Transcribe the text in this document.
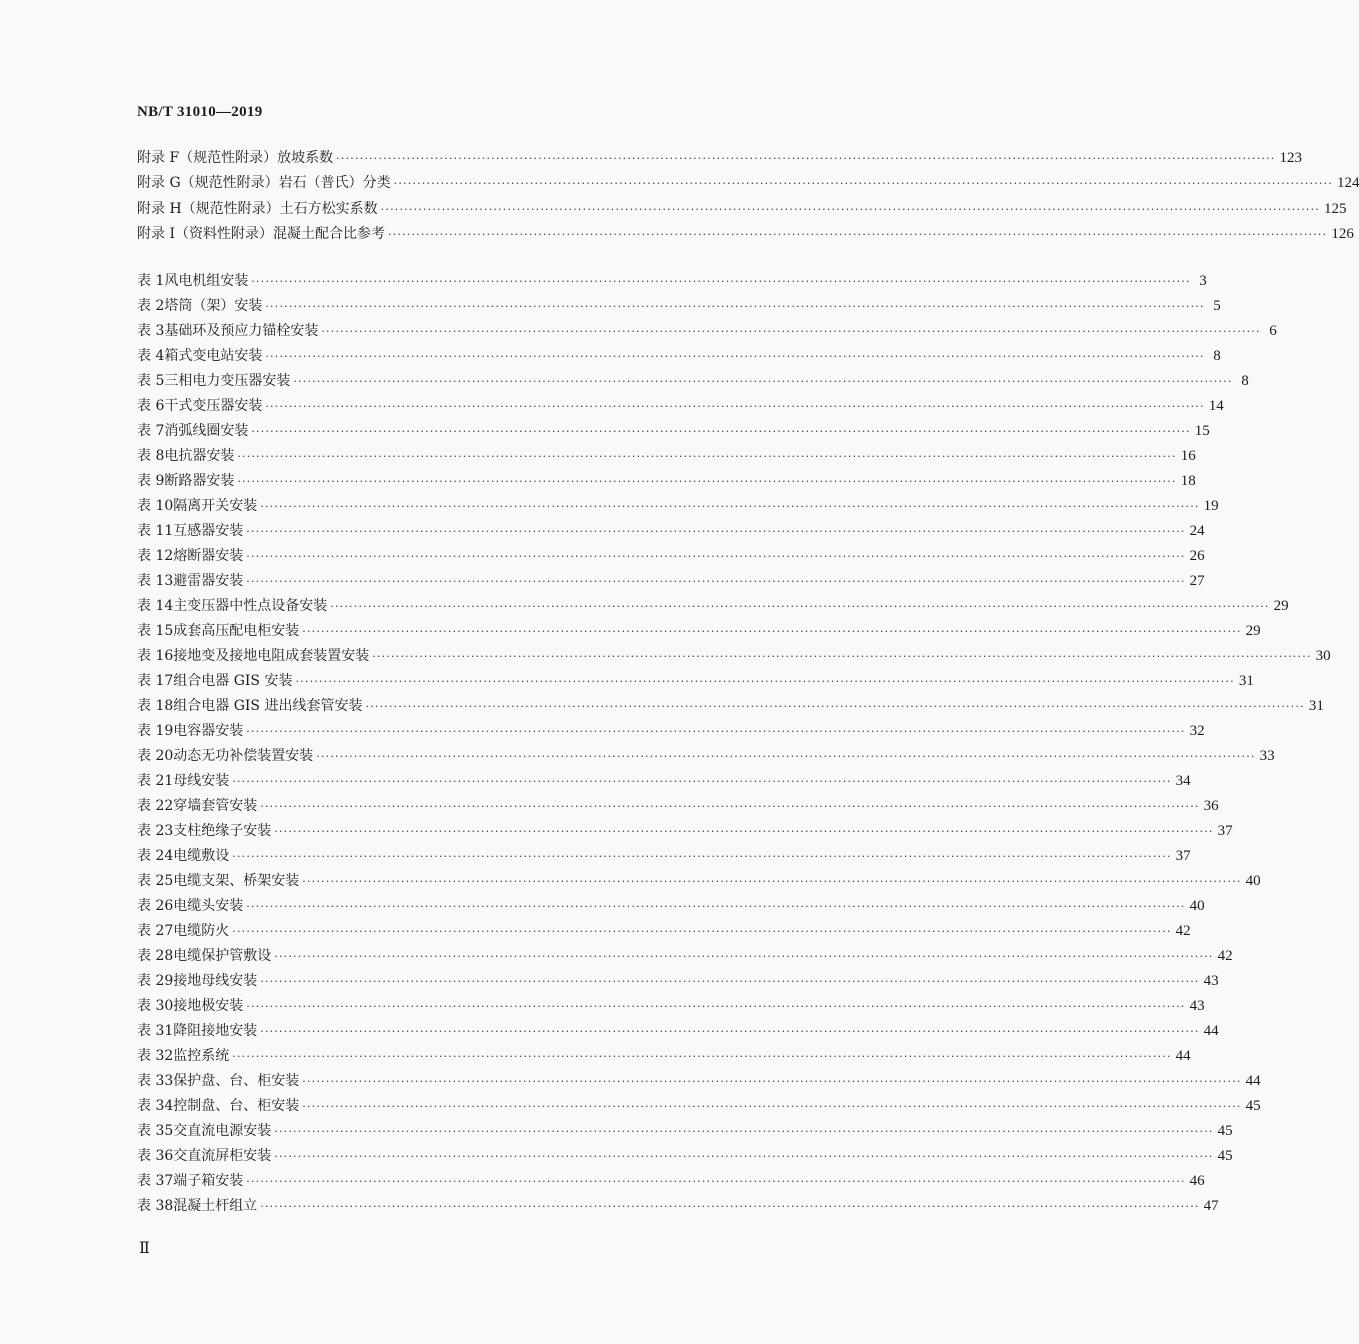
NB/T 31010—2019
附录 F（规范性附录） 放坡系数 ········································································································································································································ 123
附录 G（规范性附录） 岩石（普氏）分类 ········································································································································································································ 124
附录 H（规范性附录） 土石方松实系数 ········································································································································································································ 125
附录 I（资料性附录） 混凝土配合比参考 ········································································································································································································ 126
表 1 风电机组安装 ········································································································································································································ 3
表 2 塔筒（架）安装 ········································································································································································································ 5
表 3 基础环及预应力锚栓安装 ········································································································································································································ 6
表 4 箱式变电站安装 ········································································································································································································ 8
表 5 三相电力变压器安装 ········································································································································································································ 8
表 6 干式变压器安装 ········································································································································································································ 14
表 7 消弧线圈安装 ········································································································································································································ 15
表 8 电抗器安装 ········································································································································································································ 16
表 9 断路器安装 ········································································································································································································ 18
表 10 隔离开关安装 ········································································································································································································ 19
表 11 互感器安装 ········································································································································································································ 24
表 12 熔断器安装 ········································································································································································································ 26
表 13 避雷器安装 ········································································································································································································ 27
表 14 主变压器中性点设备安装 ········································································································································································································ 29
表 15 成套高压配电柜安装 ········································································································································································································ 29
表 16 接地变及接地电阻成套装置安装 ········································································································································································································ 30
表 17 组合电器 GIS 安装 ········································································································································································································ 31
表 18 组合电器 GIS 进出线套管安装 ········································································································································································································ 31
表 19 电容器安装 ········································································································································································································ 32
表 20 动态无功补偿装置安装 ········································································································································································································ 33
表 21 母线安装 ········································································································································································································ 34
表 22 穿墙套管安装 ········································································································································································································ 36
表 23 支柱绝缘子安装 ········································································································································································································ 37
表 24 电缆敷设 ········································································································································································································ 37
表 25 电缆支架、桥架安装 ········································································································································································································ 40
表 26 电缆头安装 ········································································································································································································ 40
表 27 电缆防火 ········································································································································································································ 42
表 28 电缆保护管敷设 ········································································································································································································ 42
表 29 接地母线安装 ········································································································································································································ 43
表 30 接地极安装 ········································································································································································································ 43
表 31 降阻接地安装 ········································································································································································································ 44
表 32 监控系统 ········································································································································································································ 44
表 33 保护盘、台、柜安装 ········································································································································································································ 44
表 34 控制盘、台、柜安装 ········································································································································································································ 45
表 35 交直流电源安装 ········································································································································································································ 45
表 36 交直流屏柜安装 ········································································································································································································ 45
表 37 端子箱安装 ········································································································································································································ 46
表 38 混凝土杆组立 ········································································································································································································ 47
Ⅱ
